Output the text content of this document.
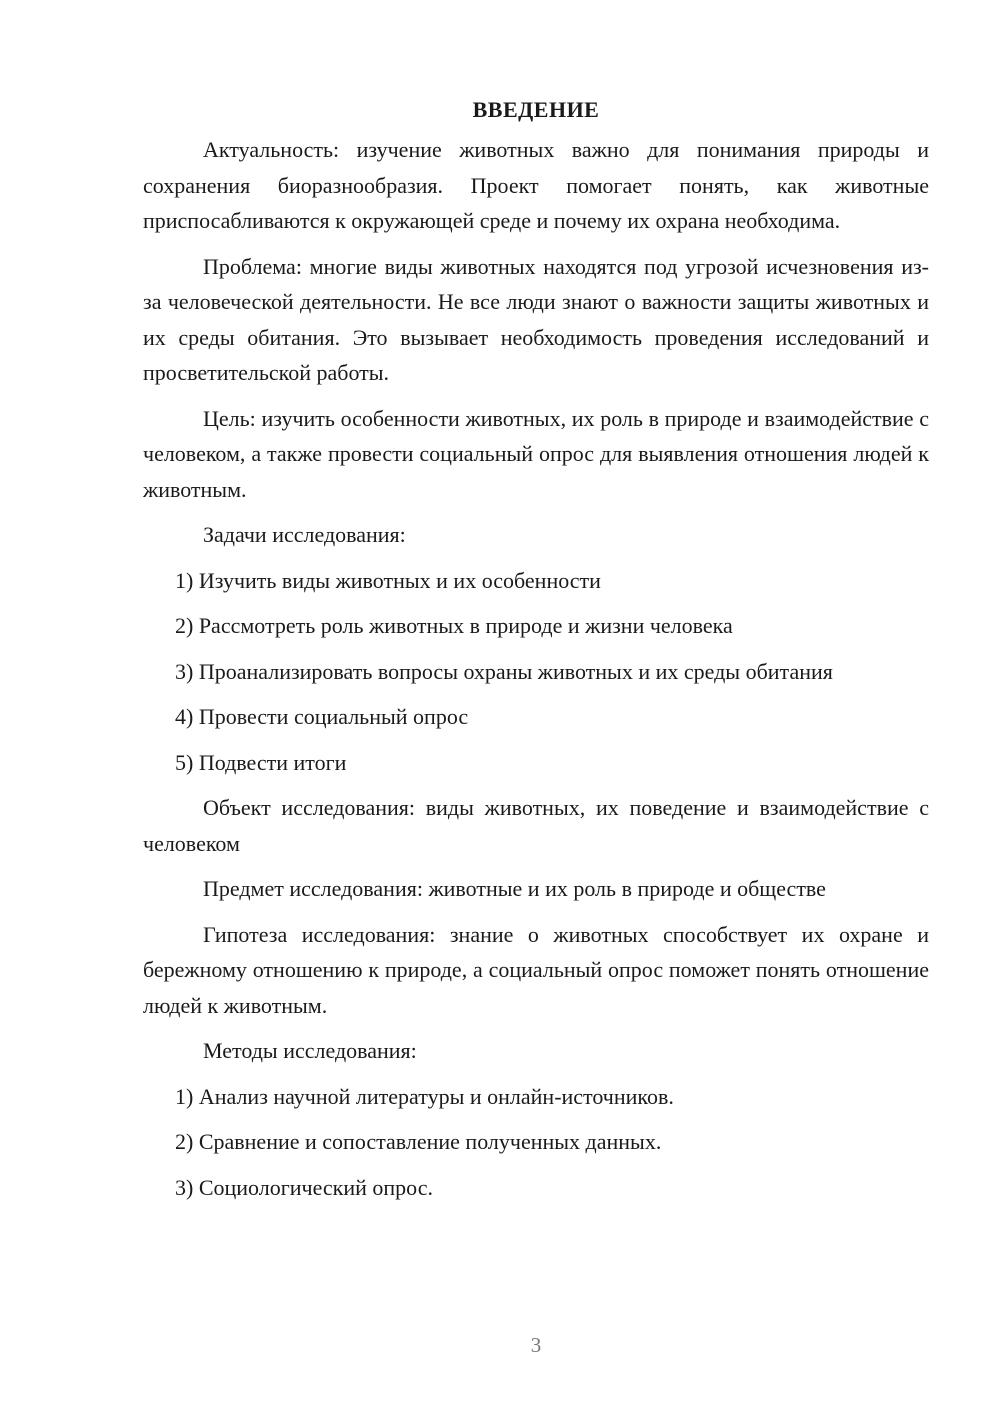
ВВЕДЕНИЕ

Актуальность: изучение животных важно для понимания природы и сохранения биоразнообразия. Проект помогает понять, как животные приспосабливаются к окружающей среде и почему их охрана необходима.

Проблема: многие виды животных находятся под угрозой исчезновения из-за человеческой деятельности. Не все люди знают о важности защиты животных и их среды обитания. Это вызывает необходимость проведения исследований и просветительской работы.

Цель: изучить особенности животных, их роль в природе и взаимодействие с человеком, а также провести социальный опрос для выявления отношения людей к животным.

Задачи исследования:
1) Изучить виды животных и их особенности
2) Рассмотреть роль животных в природе и жизни человека
3) Проанализировать вопросы охраны животных и их среды обитания
4) Провести социальный опрос
5) Подвести итоги

Объект исследования: виды животных, их поведение и взаимодействие с человеком

Предмет исследования: животные и их роль в природе и обществе

Гипотеза исследования: знание о животных способствует их охране и бережному отношению к природе, а социальный опрос поможет понять отношение людей к животным.

Методы исследования:
1) Анализ научной литературы и онлайн-источников.
2) Сравнение и сопоставление полученных данных.
3) Социологический опрос.
3
